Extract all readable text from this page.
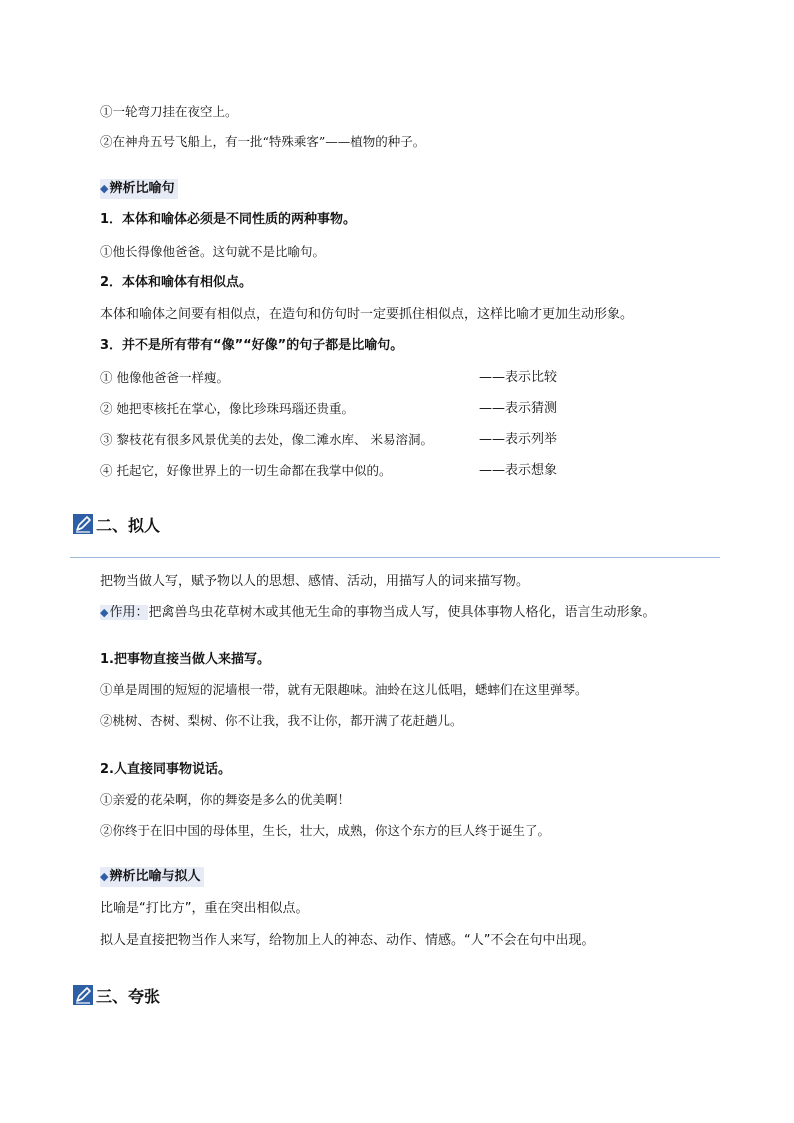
①一轮弯刀挂在夜空上。
②在神舟五号飞船上，有一批“特殊乘客”——植物的种子。
◆辨析比喻句
1．本体和喻体必须是不同性质的两种事物。
①他长得像他爸爸。这句就不是比喻句。
2．本体和喻体有相似点。
本体和喻体之间要有相似点，在造句和仿句时一定要抓住相似点，这样比喻才更加生动形象。
3．并不是所有带有“像”“好像”的句子都是比喻句。
① 他像他爸爸一样瘦。	——表示比较
② 她把枣核托在掌心，像比珍珠玛瑙还贵重。	——表示猜测
③ 黎枝花有很多风景优美的去处，像二滩水库、 米易溶洞。	——表示列举
④ 托起它，好像世界上的一切生命都在我掌中似的。	——表示想象
二、拟人
把物当做人写，赋予物以人的思想、感情、活动，用描写人的词来描写物。
◆作用：把禽兽鸟虫花草树木或其他无生命的事物当成人写，使具体事物人格化，语言生动形象。
1.把事物直接当做人来描写。
①单是周围的短短的泥墙根一带，就有无限趣味。油蛉在这儿低唱，蟋蟀们在这里弹琴。
②桃树、杏树、梨树、你不让我，我不让你，都开满了花赶趟儿。
2.人直接同事物说话。
①亲爱的花朵啊，你的舞姿是多么的优美啊！
②你终于在旧中国的母体里，生长，壮大，成熟，你这个东方的巨人终于诞生了。
◆辨析比喻与拟人
比喻是“打比方”，重在突出相似点。
拟人是直接把物当作人来写，给物加上人的神态、动作、情感。“人”不会在句中出现。
三、夸张
